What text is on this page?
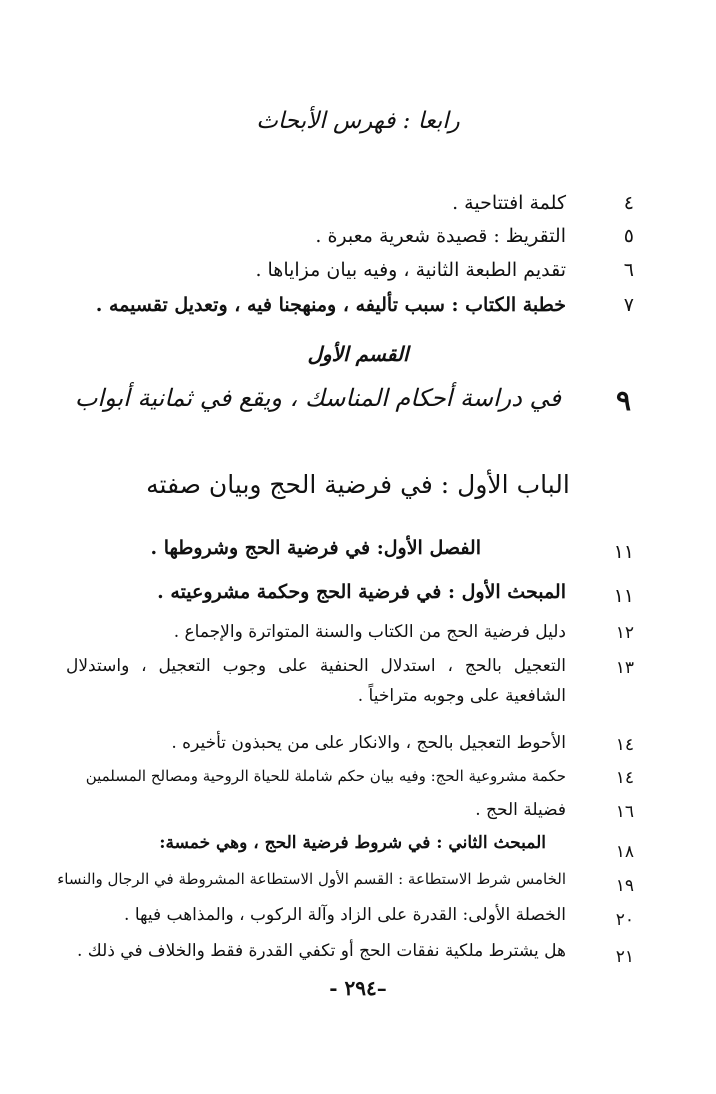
رابعا : فهرس الأبحاث
٤
كلمة افتتاحية .
٥
التقريظ : قصيدة شعرية معبرة .
٦
تقديم الطبعة الثانية ، وفيه بيان مزاياها .
٧
خطبة الكتاب : سبب تأليفه ، ومنهجنا فيه ، وتعديل تقسيمه .
القسم الأول
٩
في دراسة أحكام المناسك ، ويقع في ثمانية أبواب
الباب الأول : في فرضية الحج وبيان صفته
١١
الفصل الأول: في فرضية الحج وشروطها .
١١
المبحث الأول : في فرضية الحج وحكمة مشروعيته .
١٢
دليل فرضية الحج من الكتاب والسنة المتواترة والإجماع .
١٣
التعجيل بالحج ، استدلال الحنفية على وجوب التعجيل ، واستدلال الشافعية على وجوبه متراخياً .
١٤
الأحوط التعجيل بالحج ، والانكار على من يحبذون تأخيره .
١٤
حكمة مشروعية الحج: وفيه بيان حكم شاملة للحياة الروحية ومصالح المسلمين
١٦
فضيلة الحج .
١٨
المبحث الثاني : في شروط فرضية الحج ، وهي خمسة:
١٩
الخامس شرط الاستطاعة : القسم الأول الاستطاعة المشروطة في الرجال والنساء
٢٠
الخصلة الأولى: القدرة على الزاد وآلة الركوب ، والمذاهب فيها .
٢١
هل يشترط ملكية نفقات الحج أو تكفي القدرة فقط والخلاف في ذلك .
–٢٩٤ -
